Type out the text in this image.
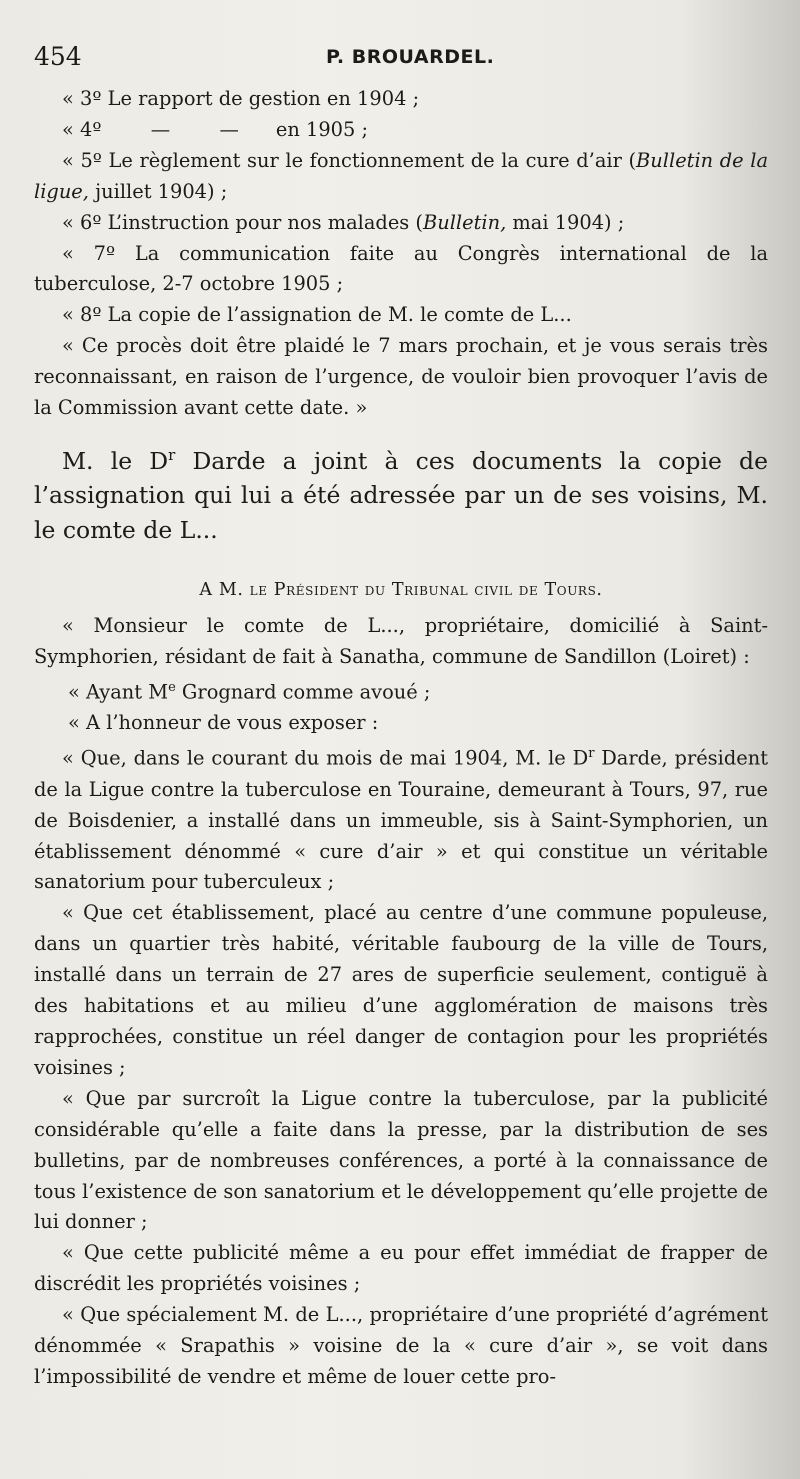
454	P. BROUARDEL.

« 3º Le rapport de gestion en 1904 ;

« 4º        —        —      en 1905 ;

« 5º Le règlement sur le fonctionnement de la cure d’air (Bulletin de la ligue, juillet 1904) ;

« 6º L’instruction pour nos malades (Bulletin, mai 1904) ;

« 7º La communication faite au Congrès international de la tuberculose, 2-7 octobre 1905 ;

« 8º La copie de l’assignation de M. le comte de L...

« Ce procès doit être plaidé le 7 mars prochain, et je vous serais très reconnaissant, en raison de l’urgence, de vouloir bien provoquer l’avis de la Commission avant cette date. »

M. le $D^r$ Darde a joint à ces documents la copie de l’assignation qui lui a été adressée par un de ses voisins, M. le comte de L...

A M. le Président du Tribunal civil de Tours.

« Monsieur le comte de L..., propriétaire, domicilié à Saint-Symphorien, résidant de fait à Sanatha, commune de Sandillon (Loiret) :

« Ayant Me Grognard comme avoué ;

« A l’honneur de vous exposer :

« Que, dans le courant du mois de mai 1904, M. le $D^r$ Darde, président de la Ligue contre la tuberculose en Touraine, demeurant à Tours, 97, rue de Boisdenier, a installé dans un immeuble, sis à Saint-Symphorien, un établissement dénommé « cure d’air » et qui constitue un véritable sanatorium pour tuberculeux ;

« Que cet établissement, placé au centre d’une commune populeuse, dans un quartier très habité, véritable faubourg de la ville de Tours, installé dans un terrain de 27 ares de superficie seulement, contiguë à des habitations et au milieu d’une agglomération de maisons très rapprochées, constitue un réel danger de contagion pour les propriétés voisines ;

« Que par surcroît la Ligue contre la tuberculose, par la publicité considérable qu’elle a faite dans la presse, par la distribution de ses bulletins, par de nombreuses conférences, a porté à la connaissance de tous l’existence de son sanatorium et le développement qu’elle projette de lui donner ;

« Que cette publicité même a eu pour effet immédiat de frapper de discrédit les propriétés voisines ;

« Que spécialement M. de L..., propriétaire d’une propriété d’agrément dénommée « Srapathis » voisine de la « cure d’air », se voit dans l’impossibilité de vendre et même de louer cette pro-
